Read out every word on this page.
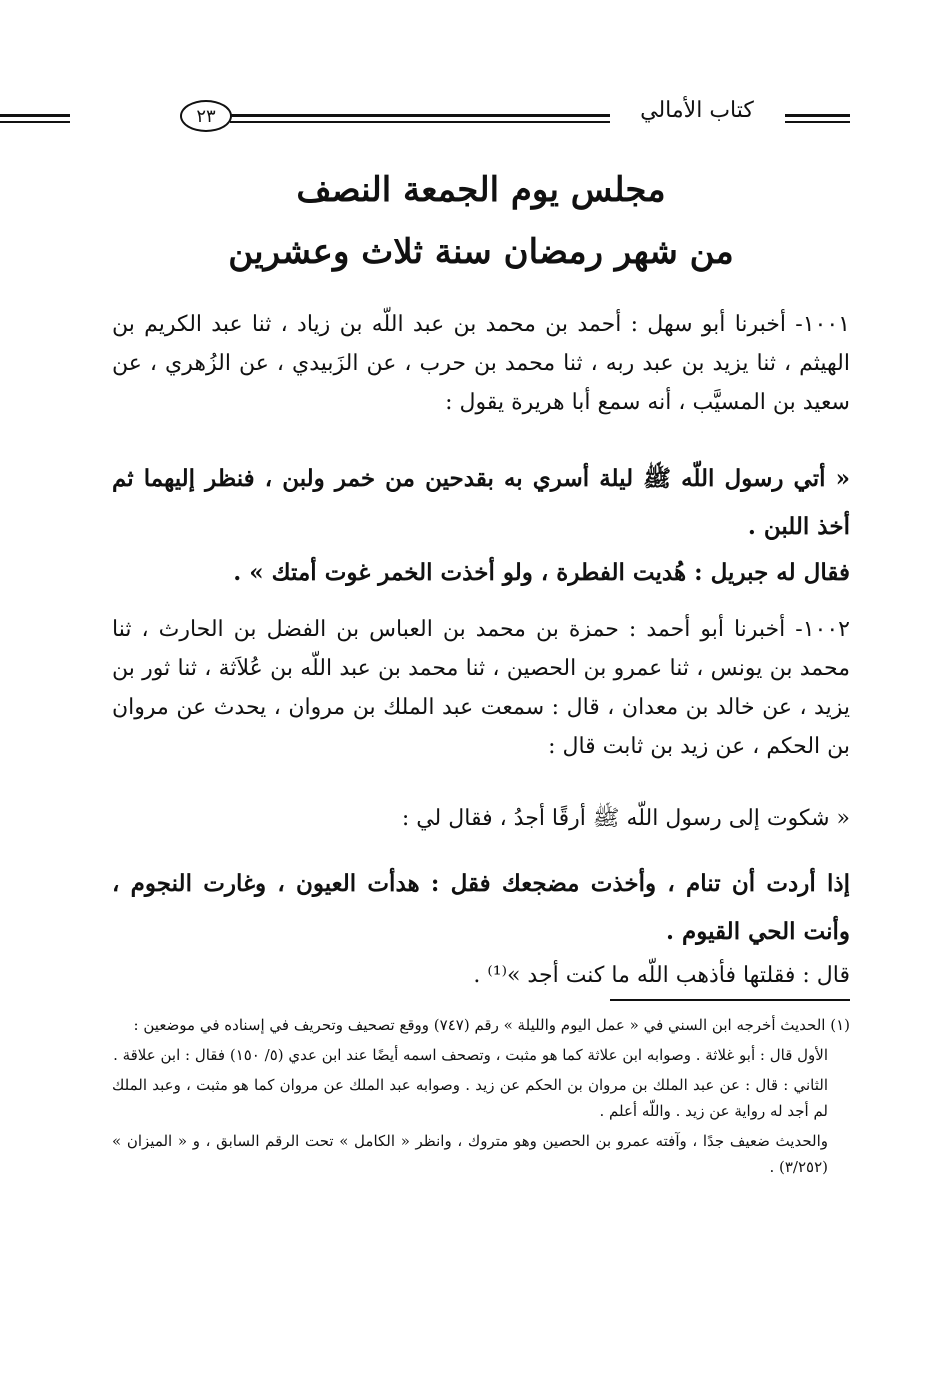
٢٣	كتاب الأمالي
مجلس يوم الجمعة النصف
من شهر رمضان سنة ثلاث وعشرين
١٠٠١- أخبرنا أبو سهل : أحمد بن محمد بن عبد اللّه بن زياد ، ثنا عبد الكريم بن الهيثم ، ثنا يزيد بن عبد ربه ، ثنا محمد بن حرب ، عن الزَبيدي ، عن الزُهري ، عن سعيد بن المسيَّب ، أنه سمع أبا هريرة يقول :
« أتي رسول اللّه ﷺ ليلة أسري به بقدحين من خمر ولبن ، فنظر إليهما ثم أخذ اللبن .
فقال له جبريل : هُديت الفطرة ، ولو أخذت الخمر غوت أمتك » .
١٠٠٢- أخبرنا أبو أحمد : حمزة بن محمد بن العباس بن الفضل بن الحارث ، ثنا محمد بن يونس ، ثنا عمرو بن الحصين ، ثنا محمد بن عبد اللّه بن عُلاَثة ، ثنا ثور بن يزيد ، عن خالد بن معدان ، قال : سمعت عبد الملك بن مروان ، يحدث عن مروان بن الحكم ، عن زيد بن ثابت قال :
« شكوت إلى رسول اللّه ﷺ أرقًا أجدُ ، فقال لي :
إذا أردت أن تنام ، وأخذت مضجعك فقل : هدأت العيون ، وغارت النجوم ، وأنت الحي القيوم .
قال : فقلتها فأذهب اللّه ما كنت أجد »⁽¹⁾ .

(١) الحديث أخرجه ابن السني في « عمل اليوم والليلة » رقم (٧٤٧) ووقع تصحيف وتحريف في إسناده في موضعين :

الأول قال : أبو غلاثة . وصوابه ابن علاثة كما هو مثبت ، وتصحف اسمه أيضًا عند ابن عدي (٥/ ١٥٠) فقال : ابن علاقة .

الثاني : قال : عن عبد الملك بن مروان بن الحكم عن زيد . وصوابه عبد الملك عن مروان كما هو مثبت ، وعبد الملك لم أجد له رواية عن زيد . واللّه أعلم .

والحديث ضعيف جدًا ، وآفته عمرو بن الحصين وهو متروك ، وانظر « الكامل » تحت الرقم السابق ، و « الميزان » (٣/٢٥٢) .
